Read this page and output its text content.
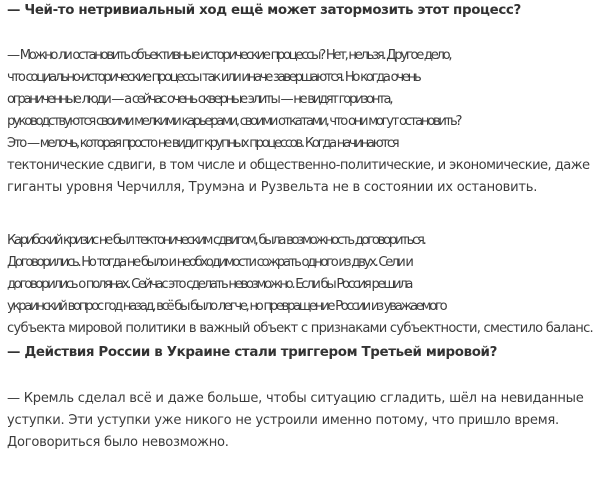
— Чей-то нетривиальный ход ещё может затормозить этот процесс?

— Можно ли остановить объективные исторические процессы? Нет, нельзя. Другое дело,
что социально-исторические процессы так или иначе завершаются. Но когда очень
ограниченные люди — а сейчас очень скверные элиты — не видят горизонта,
руководствуются своими мелкими карьерами, своими откатами, что они могут остановить?
Это — мелочь, которая просто не видит крупных процессов. Когда начинаются
тектонические сдвиги, в том числе и общественно-политические, и экономические, даже
гиганты уровня Черчилля, Трумэна и Рузвельта не в состоянии их остановить.
Карибский кризис не был тектоническим сдвигом, была возможность договориться.
Договорились. Но тогда не было и необходимости сожрать одного из двух. Сели и
договорились о полянах. Сейчас это сделать невозможно. Если бы Россия решила
украинский вопрос год назад, всё бы было легче, но превращение России из уважаемого
субъекта мировой политики в важный объект с признаками субъектности, сместило баланс.

— Действия России в Украине стали триггером Третьей мировой?

— Кремль сделал всё и даже больше, чтобы ситуацию сгладить, шёл на невиданные
уступки. Эти уступки уже никого не устроили именно потому, что пришло время.
Договориться было невозможно.
